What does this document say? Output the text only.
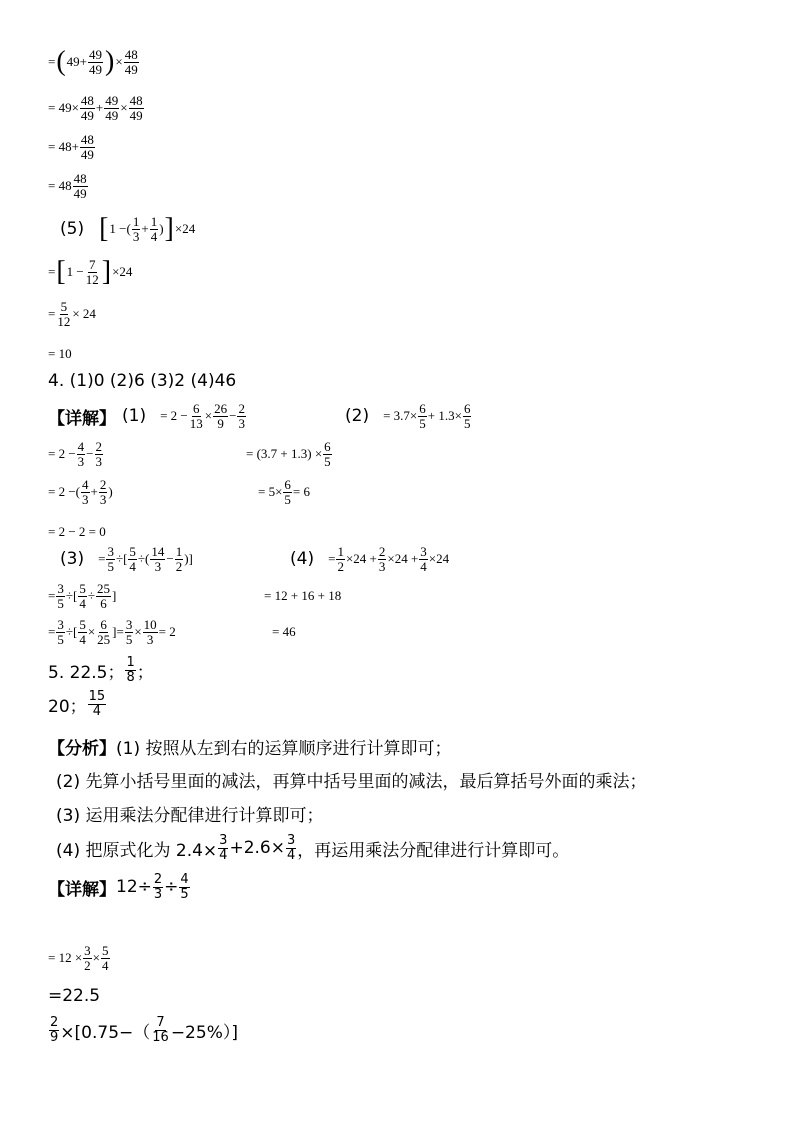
= ( $49 + \frac{49}{49}$ ) × $\frac{48}{49}$
= $49\times \frac{48}{49} + \frac{49}{49} \times \frac{48}{49}$
= $48+ \frac{48}{49}$
= 48 48
49
(5) [ 1 −( 1
$3 + \frac{1}{4}$ ) ] ×24
= [ $1 - \frac{7}{12}$ ] ×24
= $\frac{5}{12} \times 24$
= 10
4. (1)0 (2)6 (3)2 (4)46
【详解】 $(1) = 2 - \frac{6}{13} \times \frac{26}{9} - \frac{2}{3}$	$(2) = 3.7\times \frac{6}{5} + 1.3\times \frac{6}{5}$
= $2 - \frac{4}{3} - \frac{2}{3}$	= $(3.7 + 1.3) \times \frac{6}{5}$
= 2 −( 4
$3 + \frac{2}{3}$ )	= $5\times \frac{6}{5} = 6$
= 2 − 2 = 0
$(3) = \frac{3}{5}$ ÷[ $\frac{5}{4}$ ÷( 14
$3 - \frac{1}{2}$ )]	$(4) = \frac{1}{2} \times 24 + \frac{2}{3} \times 24 + \frac{3}{4} \times 24$
= $\frac{3}{5}$ ÷[ $\frac{5}{4} \div \frac{25}{6}$ ]	= 12 + 16 + 18
= $\frac{3}{5}$ ÷[ $\frac{5}{4} \times \frac{6}{25}$ ]= $\frac{3}{5} \times \frac{10}{3} = 2$	= 46
5. 22.5；
1
8 ；
20；
15
4
【分析】 (1) 按照从左到右的运算顺序进行计算即可；
(2) 先算小括号里面的减法，再算中括号里面的减法，最后算括号外面的乘法；
(3) 运用乘法分配律进行计算即可；
(4) 把原式化为 $2.4\times \frac{3}{4} +2.6\times \frac{3}{4}$ ，再运用乘法分配律进行计算即可。
【详解】 $12\div \frac{2}{3} \div \frac{4}{5}$
= $12 \times \frac{3}{2} \times \frac{5}{4}$
=22.5
$\frac{2}{9} \times[0.75-$（
7
16 −25%）]
